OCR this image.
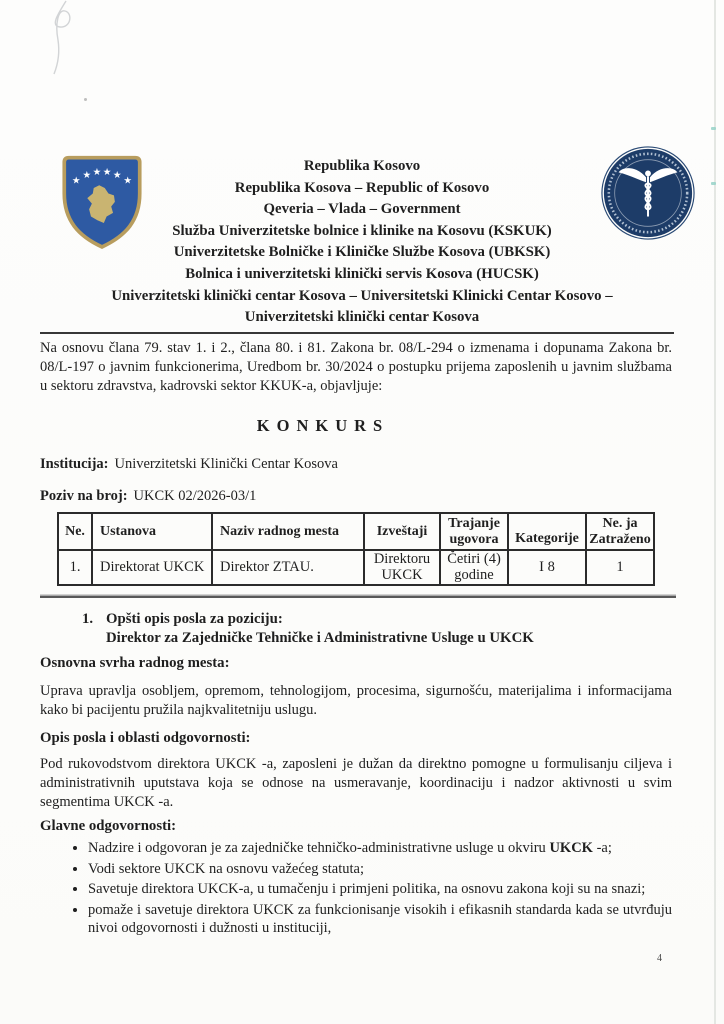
★
★ ★ ★ ★
★
Republika Kosovo
Republika Kosova – Republic of Kosovo
Qeveria – Vlada – Government
Služba Univerzitetske bolnice i klinike na Kosovu (KSKUK)
Univerzitetske Bolničke i Kliničke Službe Kosova (UBKSK)
Bolnica i univerzitetski klinički servis Kosova (HUCSK)
Univerzitetski klinički centar Kosova – Universitetski Klinicki Centar Kosovo –
Univerzitetski klinički centar Kosova

Na osnovu člana 79. stav 1. i 2., člana 80. i 81. Zakona br. 08/L-294 o izmenama i dopunama Zakona br. 08/L-197 o javnim funkcionerima, Uredbom br. 30/2024 o postupku prijema zaposlenih u javnim službama u sektoru zdravstva, kadrovski sektor KKUK-a, objavljuje:

KONKURS
Institucija: Univerzitetski Klinički Centar Kosova
Poziv na broj: UKCK 02/2026-03/1
Ne.	Ustanova	Naziv radnog mesta	Izveštaji	Trajanje ugovora	Kategorije	Ne. ja Zatraženo
1.	Direktorat UKCK	Direktor ZTAU.	Direktoru UKCK	Četiri (4) godine	I 8	1
1. Opšti opis posla za poziciju:
Direktor za Zajedničke Tehničke i Administrativne Usluge u UKCK
Osnovna svrha radnog mesta:

Uprava upravlja osobljem, opremom, tehnologijom, procesima, sigurnošću, materijalima i informacijama kako bi pacijentu pružila najkvalitetniju uslugu.

Opis posla i oblasti odgovornosti:

Pod rukovodstvom direktora UKCK -a, zaposleni je dužan da direktno pomogne u formulisanju ciljeva i administrativnih uputstava koja se odnose na usmeravanje, koordinaciju i nadzor aktivnosti u svim segmentima UKCK -a.

Glavne odgovornosti:
• Nadzire i odgovoran je za zajedničke tehničko-administrativne usluge u okviru UKCK -a;
• Vodi sektore UKCK na osnovu važećeg statuta;
• Savetuje direktora UKCK-a, u tumačenju i primjeni politika, na osnovu zakona koji su na snazi;
• pomaže i savetuje direktora UKCK za funkcionisanje visokih i efikasnih standarda kada se utvrđuju nivoi odgovornosti i dužnosti u instituciji,
4
